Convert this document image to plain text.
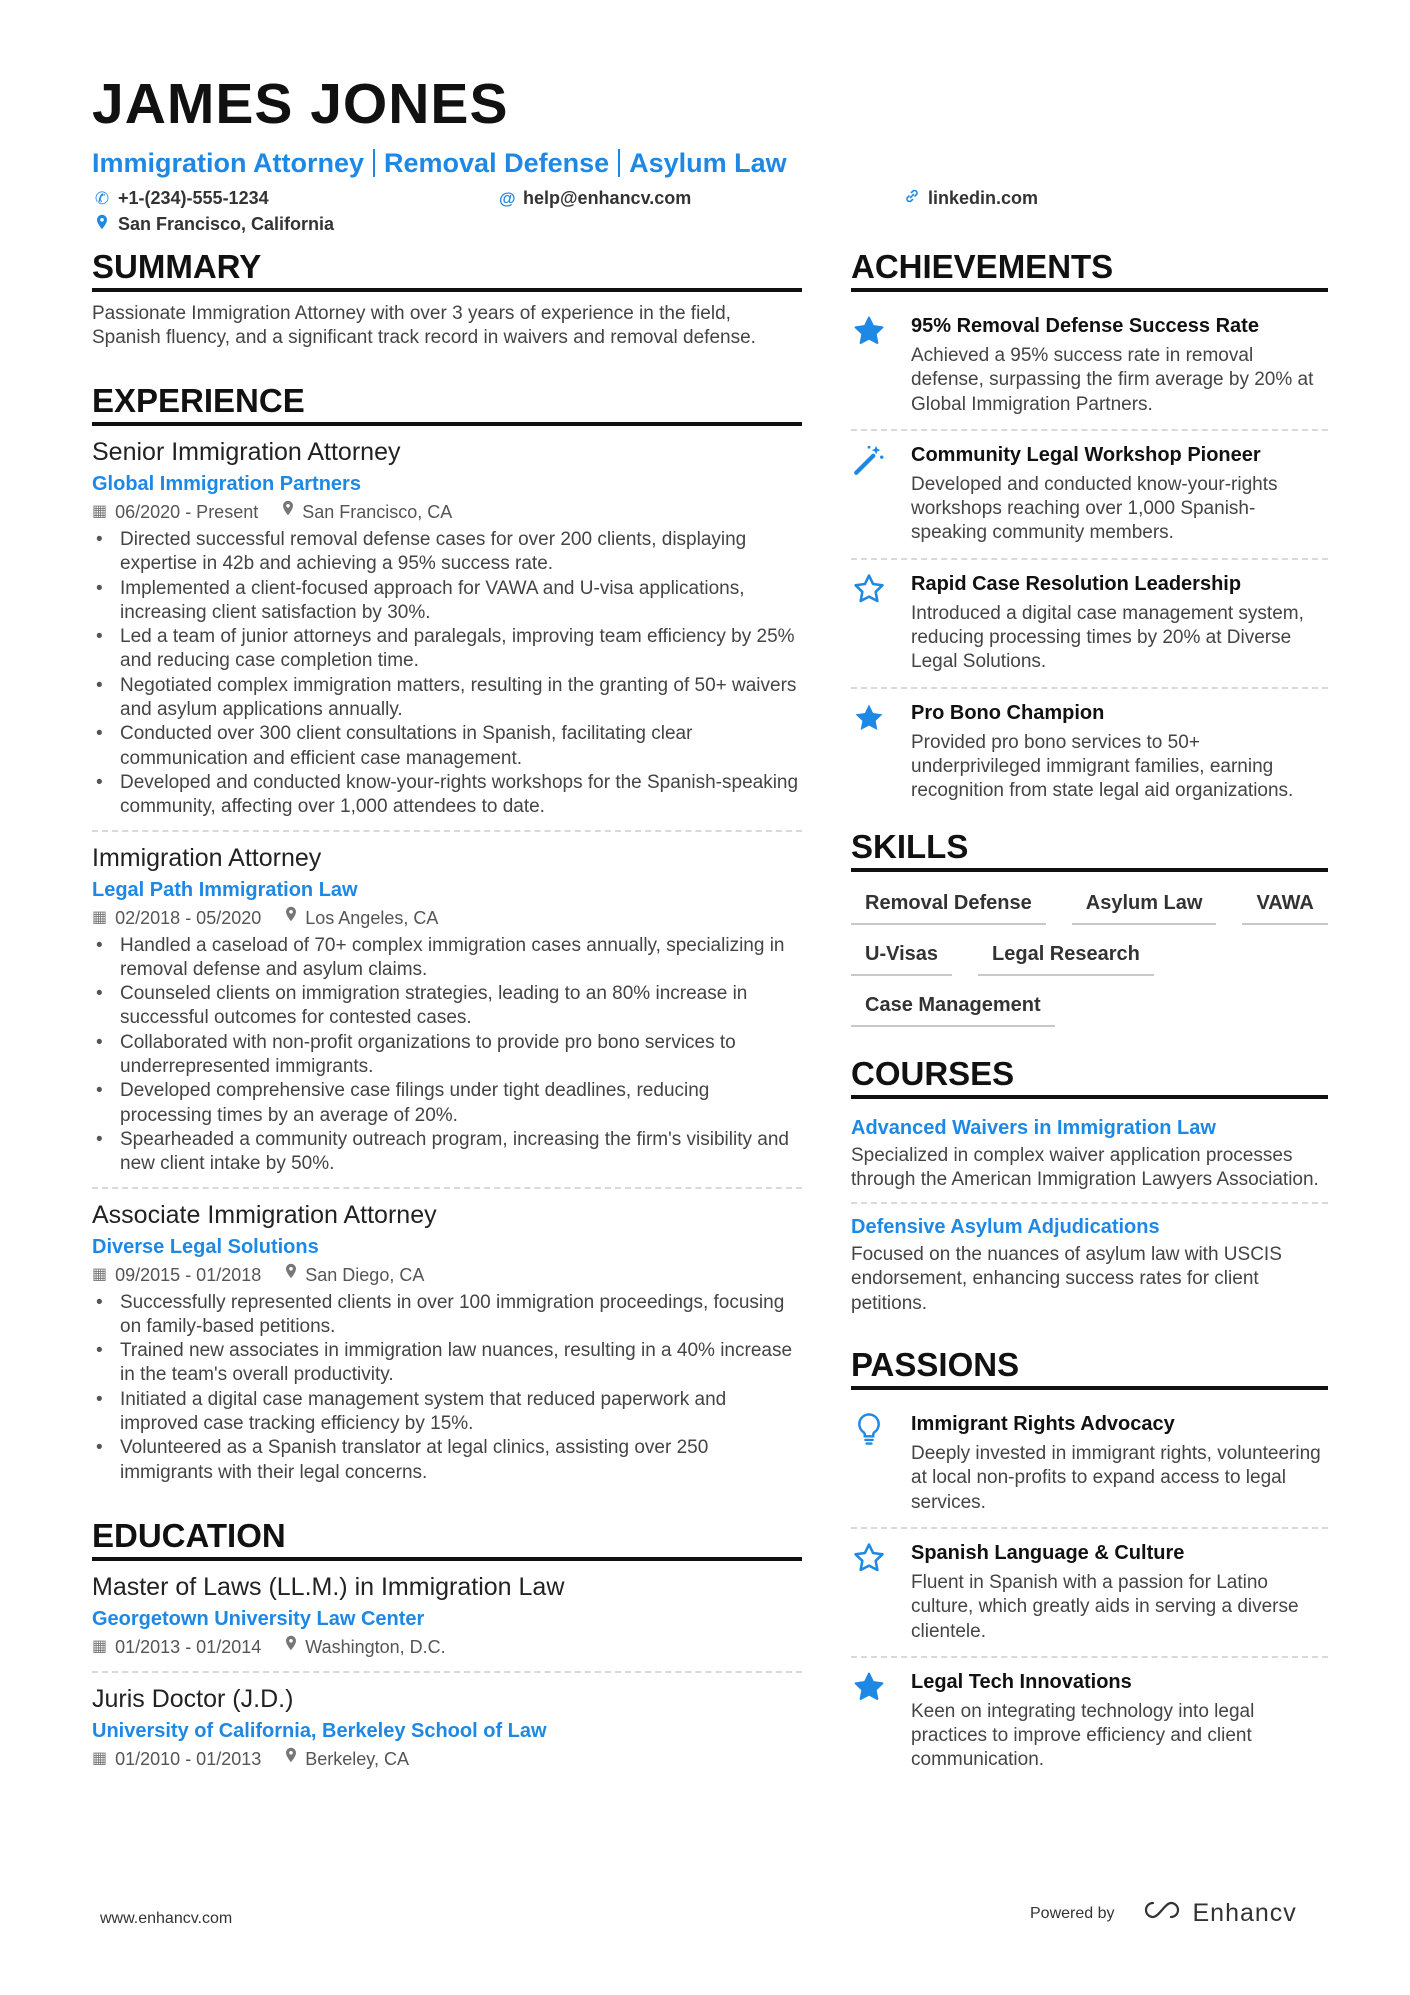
JAMES JONES
Immigration Attorney Removal Defense Asylum Law
✆ +1-(234)-555-1234	@ help@enhancv.com	linkedin.com
San Francisco, California
SUMMARY
Passionate Immigration Attorney with over 3 years of experience in the field, Spanish fluency, and a significant track record in waivers and removal defense.
EXPERIENCE
Senior Immigration Attorney
Global Immigration Partners
▦ 06/2020 - Present San Francisco, CA
• Directed successful removal defense cases for over 200 clients, displaying expertise in 42b and achieving a 95% success rate.
• Implemented a client-focused approach for VAWA and U-visa applications, increasing client satisfaction by 30%.
• Led a team of junior attorneys and paralegals, improving team efficiency by 25% and reducing case completion time.
• Negotiated complex immigration matters, resulting in the granting of 50+ waivers and asylum applications annually.
• Conducted over 300 client consultations in Spanish, facilitating clear communication and efficient case management.
• Developed and conducted know-your-rights workshops for the Spanish-speaking community, affecting over 1,000 attendees to date.
Immigration Attorney
Legal Path Immigration Law
▦ 02/2018 - 05/2020 Los Angeles, CA
• Handled a caseload of 70+ complex immigration cases annually, specializing in removal defense and asylum claims.
• Counseled clients on immigration strategies, leading to an 80% increase in successful outcomes for contested cases.
• Collaborated with non-profit organizations to provide pro bono services to underrepresented immigrants.
• Developed comprehensive case filings under tight deadlines, reducing processing times by an average of 20%.
• Spearheaded a community outreach program, increasing the firm's visibility and new client intake by 50%.
Associate Immigration Attorney
Diverse Legal Solutions
▦ 09/2015 - 01/2018 San Diego, CA
• Successfully represented clients in over 100 immigration proceedings, focusing on family-based petitions.
• Trained new associates in immigration law nuances, resulting in a 40% increase in the team's overall productivity.
• Initiated a digital case management system that reduced paperwork and improved case tracking efficiency by 15%.
• Volunteered as a Spanish translator at legal clinics, assisting over 250 immigrants with their legal concerns.
EDUCATION
Master of Laws (LL.M.) in Immigration Law
Georgetown University Law Center
▦ 01/2013 - 01/2014 Washington, D.C.
Juris Doctor (J.D.)
University of California, Berkeley School of Law
▦ 01/2010 - 01/2013 Berkeley, CA
ACHIEVEMENTS
95% Removal Defense Success Rate
Achieved a 95% success rate in removal defense, surpassing the firm average by 20% at Global Immigration Partners.
Community Legal Workshop Pioneer
Developed and conducted know-your-rights workshops reaching over 1,000 Spanish-speaking community members.
Rapid Case Resolution Leadership
Introduced a digital case management system, reducing processing times by 20% at Diverse Legal Solutions.
Pro Bono Champion
Provided pro bono services to 50+ underprivileged immigrant families, earning recognition from state legal aid organizations.
SKILLS
Removal Defense	Asylum Law	VAWA
U-Visas	Legal Research
Case Management
COURSES
Advanced Waivers in Immigration Law
Specialized in complex waiver application processes through the American Immigration Lawyers Association.
Defensive Asylum Adjudications
Focused on the nuances of asylum law with USCIS endorsement, enhancing success rates for client petitions.
PASSIONS
Immigrant Rights Advocacy
Deeply invested in immigrant rights, volunteering at local non-profits to expand access to legal services.
Spanish Language & Culture
Fluent in Spanish with a passion for Latino culture, which greatly aids in serving a diverse clientele.
Legal Tech Innovations
Keen on integrating technology into legal practices to improve efficiency and client communication.
www.enhancv.com	Powered by	Enhancv
